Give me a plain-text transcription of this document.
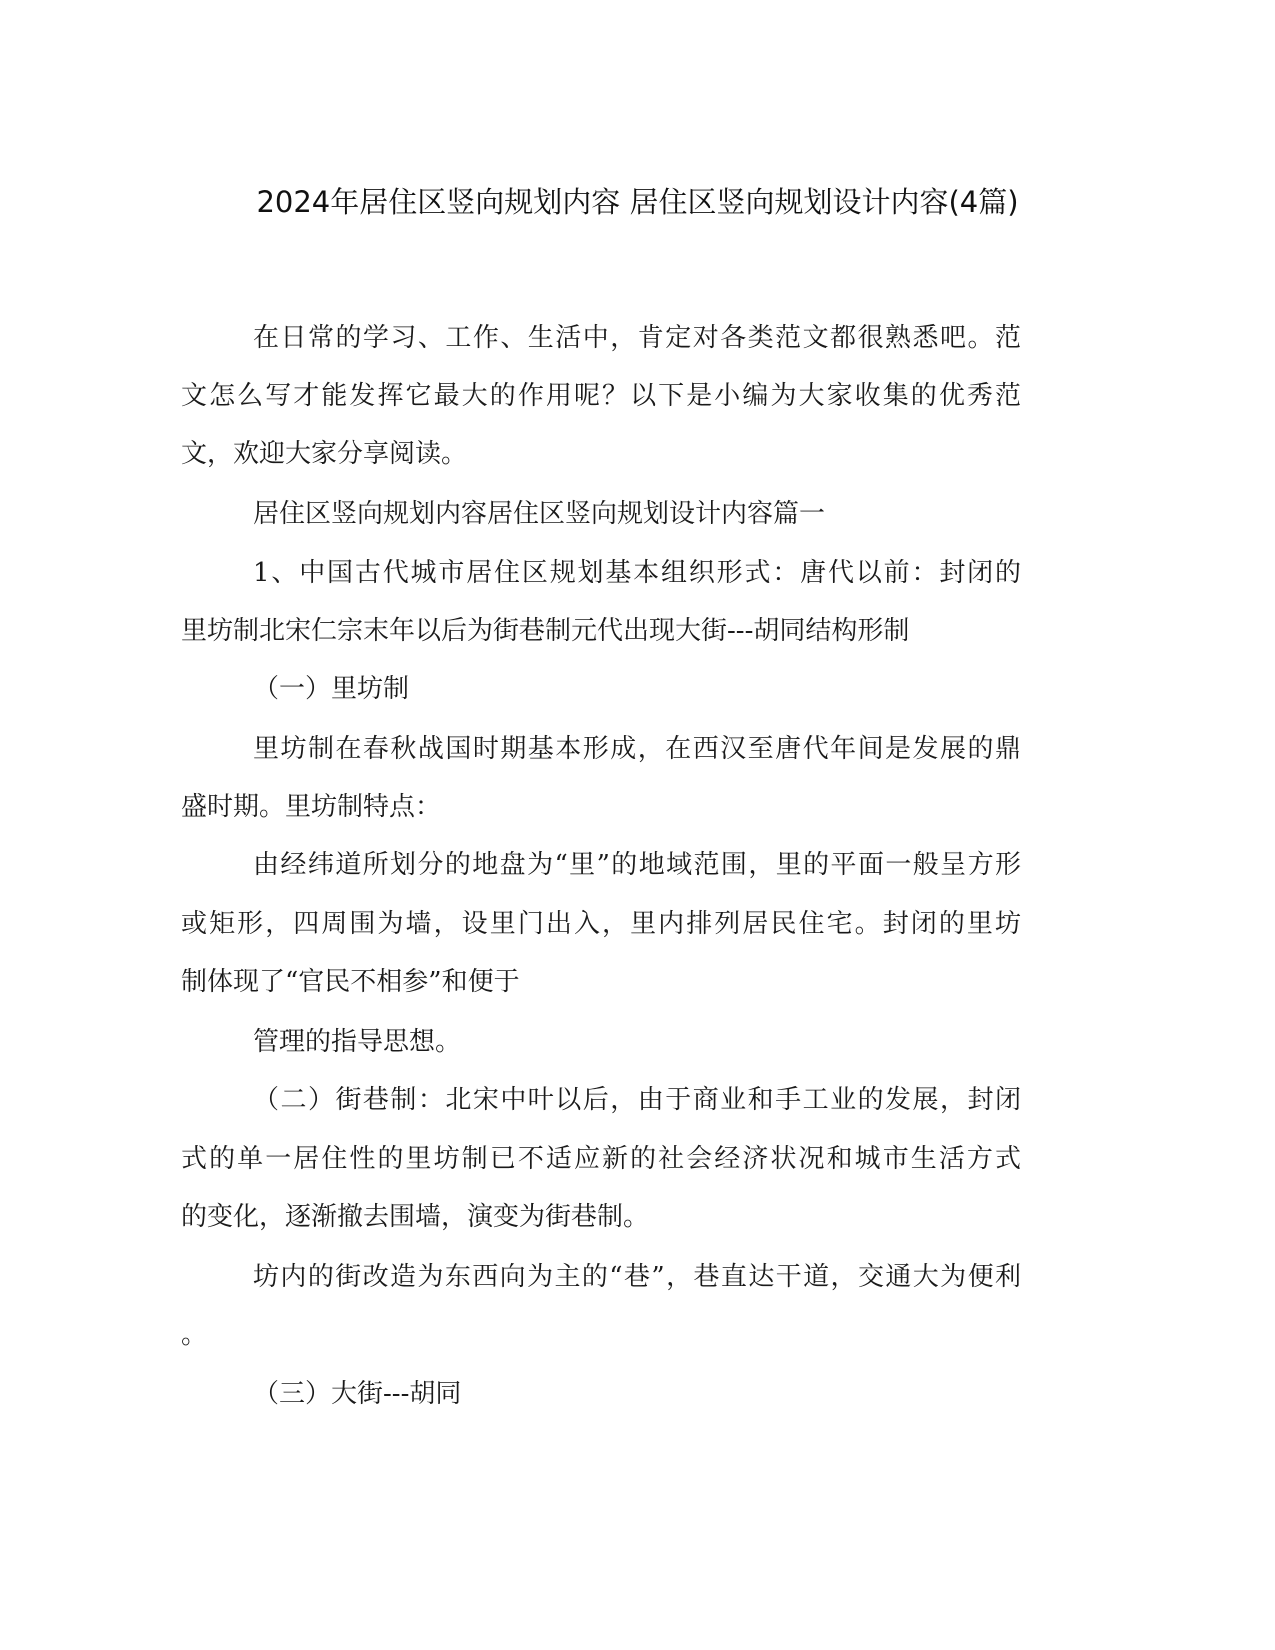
2024年居住区竖向规划内容 居住区竖向规划设计内容(4篇)
在日常的学习、工作、生活中，肯定对各类范文都很熟悉吧。范
文怎么写才能发挥它最大的作用呢？以下是小编为大家收集的优秀范
文，欢迎大家分享阅读。
居住区竖向规划内容居住区竖向规划设计内容篇一
1、中国古代城市居住区规划基本组织形式：唐代以前：封闭的
里坊制北宋仁宗末年以后为街巷制元代出现大街---胡同结构形制
（一）里坊制
里坊制在春秋战国时期基本形成，在西汉至唐代年间是发展的鼎
盛时期。里坊制特点：
由经纬道所划分的地盘为“里”的地域范围，里的平面一般呈方形
或矩形，四周围为墙，设里门出入，里内排列居民住宅。封闭的里坊
制体现了“官民不相参”和便于
管理的指导思想。
（二）街巷制：北宋中叶以后，由于商业和手工业的发展，封闭
式的单一居住性的里坊制已不适应新的社会经济状况和城市生活方式
的变化，逐渐撤去围墙，演变为街巷制。
坊内的街改造为东西向为主的“巷”，巷直达干道，交通大为便利
。
（三）大街---胡同
